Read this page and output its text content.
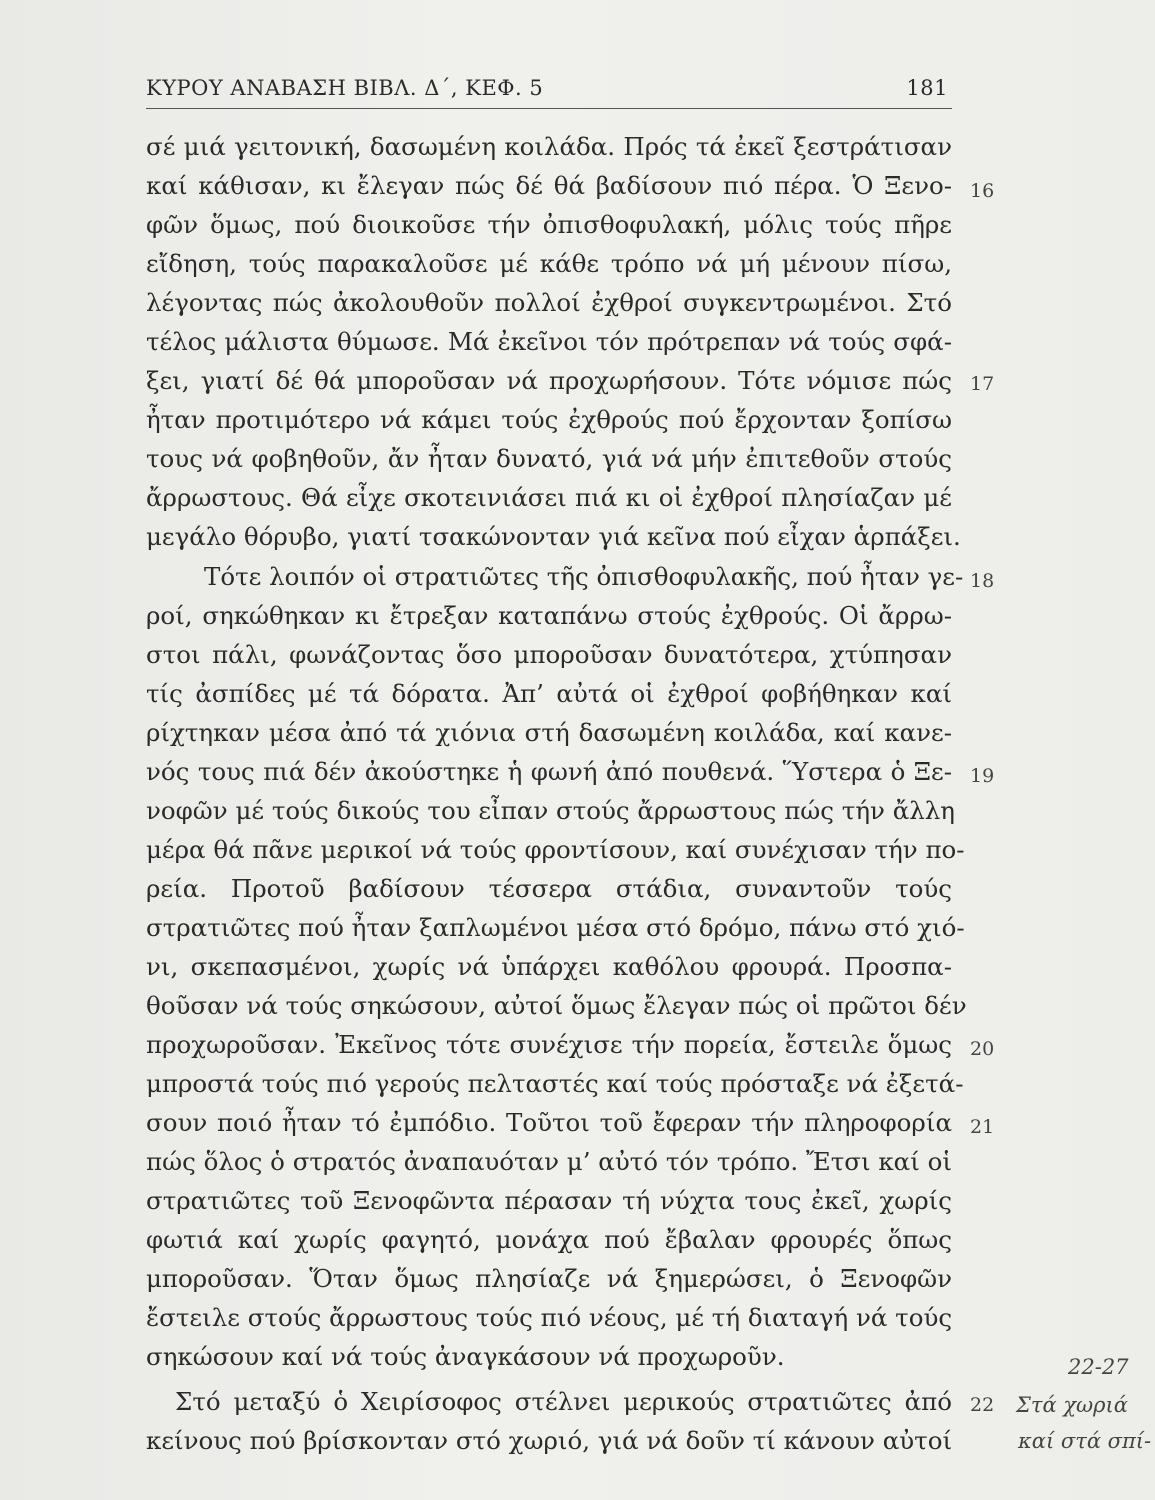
ΚΥΡΟΥ ΑΝΑΒΑΣΗ ΒΙΒΛ. Δ΄, ΚΕΦ. 5	181
σέ μιά γειτονική, δασωμένη κοιλάδα. Πρός τά ἐκεῖ ξεστράτισαν
καί κάθισαν, κι ἔλεγαν πώς δέ θά βαδίσουν πιό πέρα. Ὁ Ξενο-
φῶν ὅμως, πού διοικοῦσε τήν ὀπισθοφυλακή, μόλις τούς πῆρε
εἴδηση, τούς παρακαλοῦσε μέ κάθε τρόπο νά μή μένουν πίσω,
λέγοντας πώς ἀκολουθοῦν πολλοί ἐχθροί συγκεντρωμένοι. Στό
τέλος μάλιστα θύμωσε. Μά ἐκεῖνοι τόν πρότρεπαν νά τούς σφά-
ξει, γιατί δέ θά μποροῦσαν νά προχωρήσουν. Τότε νόμισε πώς
ἦταν προτιμότερο νά κάμει τούς ἐχθρούς πού ἔρχονταν ξοπίσω
τους νά φοβηθοῦν, ἄν ἦταν δυνατό, γιά νά μήν ἐπιτεθοῦν στούς
ἄρρωστους. Θά εἶχε σκοτεινιάσει πιά κι οἱ ἐχθροί πλησίαζαν μέ
μεγάλο θόρυβο, γιατί τσακώνονταν γιά κεῖνα πού εἶχαν ἁρπάξει.
Τότε λοιπόν οἱ στρατιῶτες τῆς ὀπισθοφυλακῆς, πού ἦταν γε-
ροί, σηκώθηκαν κι ἔτρεξαν καταπάνω στούς ἐχθρούς. Οἱ ἄρρω-
στοι πάλι, φωνάζοντας ὅσο μποροῦσαν δυνατότερα, χτύπησαν
τίς ἀσπίδες μέ τά δόρατα. Ἀπ’ αὐτά οἱ ἐχθροί φοβήθηκαν καί
ρίχτηκαν μέσα ἀπό τά χιόνια στή δασωμένη κοιλάδα, καί κανε-
νός τους πιά δέν ἀκούστηκε ἡ φωνή ἀπό πουθενά. Ὕστερα ὁ Ξε-
νοφῶν μέ τούς δικούς του εἶπαν στούς ἄρρωστους πώς τήν ἄλλη
μέρα θά πᾶνε μερικοί νά τούς φροντίσουν, καί συνέχισαν τήν πο-
ρεία. Προτοῦ βαδίσουν τέσσερα στάδια, συναντοῦν τούς
στρατιῶτες πού ἦταν ξαπλωμένοι μέσα στό δρόμο, πάνω στό χιό-
νι, σκεπασμένοι, χωρίς νά ὑπάρχει καθόλου φρουρά. Προσπα-
θοῦσαν νά τούς σηκώσουν, αὐτοί ὅμως ἔλεγαν πώς οἱ πρῶτοι δέν
προχωροῦσαν. Ἐκεῖνος τότε συνέχισε τήν πορεία, ἔστειλε ὅμως
μπροστά τούς πιό γερούς πελταστές καί τούς πρόσταξε νά ἐξετά-
σουν ποιό ἦταν τό ἐμπόδιο. Τοῦτοι τοῦ ἔφεραν τήν πληροφορία
πώς ὅλος ὁ στρατός ἀναπαυόταν μ’ αὐτό τόν τρόπο. Ἔτσι καί οἱ
στρατιῶτες τοῦ Ξενοφῶντα πέρασαν τή νύχτα τους ἐκεῖ, χωρίς
φωτιά καί χωρίς φαγητό, μονάχα πού ἔβαλαν φρουρές ὅπως
μποροῦσαν. Ὅταν ὅμως πλησίαζε νά ξημερώσει, ὁ Ξενοφῶν
ἔστειλε στούς ἄρρωστους τούς πιό νέους, μέ τή διαταγή νά τούς
σηκώσουν καί νά τούς ἀναγκάσουν νά προχωροῦν.
Στό μεταξύ ὁ Χειρίσοφος στέλνει μερικούς στρατιῶτες ἀπό
κείνους πού βρίσκονταν στό χωριό, γιά νά δοῦν τί κάνουν αὐτοί
16
17
18
19
20
21
22
22-27
Στά χωριά
καί στά σπί-
